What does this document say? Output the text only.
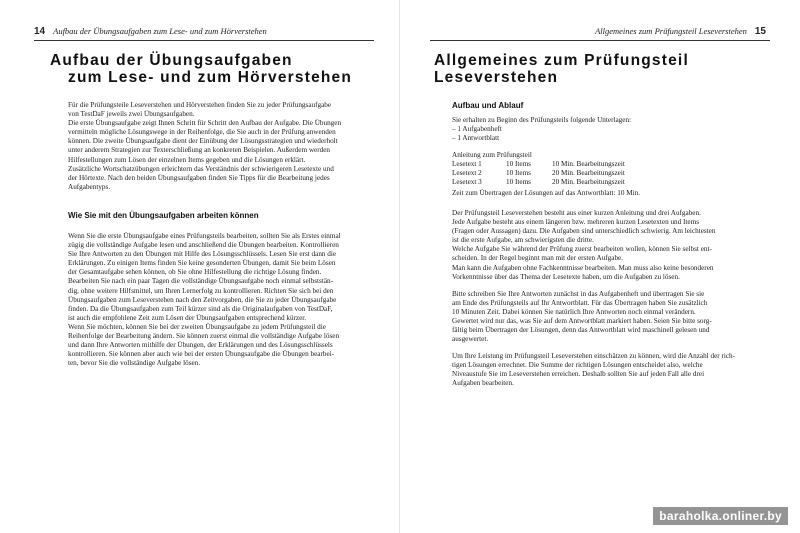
14 Aufbau der Übungsaufgaben zum Lese- und zum Hörverstehen
Aufbau der Übungsaufgaben
zum Lese- und zum Hörverstehen

Für die Prüfungsteile Leseverstehen und Hörverstehen finden Sie zu jeder Prüfungsaufgabe

von TestDaF jeweils zwei Übungsaufgaben.

Die erste Übungsaufgabe zeigt Ihnen Schritt für Schritt den Aufbau der Aufgabe. Die Übungen

vermitteln mögliche Lösungswege in der Reihenfolge, die Sie auch in der Prüfung anwenden

können. Die zweite Übungsaufgabe dient der Einübung der Lösungsstrategien und wiederholt

unter anderem Strategien zur Texterschließung an konkreten Beispielen. Außerdem werden

Hilfestellungen zum Lösen der einzelnen Items gegeben und die Lösungen erklärt.

Zusätzliche Wortschatzübungen erleichtern das Verständnis der schwierigeren Lesetexte und

der Hörtexte. Nach den beiden Übungsaufgaben finden Sie Tipps für die Bearbeitung jedes

Aufgabentyps.

Wie Sie mit den Übungsaufgaben arbeiten können

Wenn Sie die erste Übungsaufgabe eines Prüfungsteils bearbeiten, sollten Sie als Erstes einmal

zügig die vollständige Aufgabe lesen und anschließend die Übungen bearbeiten. Kontrollieren

Sie Ihre Antworten zu den Übungen mit Hilfe des Lösungsschlüssels. Lesen Sie erst dann die

Erklärungen. Zu einigen Items finden Sie keine gesonderten Übungen, damit Sie beim Lösen

der Gesamtaufgabe sehen können, ob Sie ohne Hilfestellung die richtige Lösung finden.

Bearbeiten Sie nach ein paar Tagen die vollständige Übungsaufgabe noch einmal selbststän-

dig, ohne weitere Hilfsmittel, um Ihren Lernerfolg zu kontrollieren. Richten Sie sich bei den

Übungsaufgaben zum Leseverstehen nach den Zeitvorgaben, die Sie zu jeder Übungsaufgabe

finden. Da die Übungsaufgaben zum Teil kürzer sind als die Originalaufgaben von TestDaF,

ist auch die empfohlene Zeit zum Lösen der Übungsaufgaben entsprechend kürzer.

Wenn Sie möchten, können Sie bei der zweiten Übungsaufgabe zu jedem Prüfungsteil die

Reihenfolge der Bearbeitung ändern. Sie können zuerst einmal die vollständige Aufgabe lösen

und dann Ihre Antworten mithilfe der Übungen, der Erklärungen und des Lösungsschlüssels

kontrollieren. Sie können aber auch wie bei der ersten Übungsaufgabe die Übungen bearbei-

ten, bevor Sie die vollständige Aufgabe lösen.

Allgemeines zum Prüfungsteil Leseverstehen 15
Allgemeines zum Prüfungsteil
Leseverstehen
Aufbau und Ablauf

Sie erhalten zu Beginn des Prüfungsteils folgende Unterlagen:

– 1 Aufgabenheft

– 1 Antwortblatt

Anleitung zum Prüfungsteil
Lesetext 1	10 Items	10 Min. Bearbeitungszeit
Lesetext 2	10 Items	20 Min. Bearbeitungszeit
Lesetext 3	10 Items	20 Min. Bearbeitungszeit
Zeit zum Übertragen der Lösungen auf das Antwortblatt: 10 Min.

Der Prüfungsteil Leseverstehen besteht aus einer kurzen Anleitung und drei Aufgaben.

Jede Aufgabe besteht aus einem längeren bzw. mehreren kurzen Lesetexten und Items

(Fragen oder Aussagen) dazu. Die Aufgaben sind unterschiedlich schwierig. Am leichtesten

ist die erste Aufgabe, am schwierigsten die dritte.

Welche Aufgabe Sie während der Prüfung zuerst bearbeiten wollen, können Sie selbst ent-

scheiden. In der Regel beginnt man mit der ersten Aufgabe.

Man kann die Aufgaben ohne Fachkenntnisse bearbeiten. Man muss also keine besonderen

Vorkenntnisse über das Thema der Lesetexte haben, um die Aufgaben zu lösen.

Bitte schreiben Sie Ihre Antworten zunächst in das Aufgabenheft und übertragen Sie sie

am Ende des Prüfungsteils auf Ihr Antwortblatt. Für das Übertragen haben Sie zusätzlich

10 Minuten Zeit. Dabei können Sie natürlich Ihre Antworten noch einmal verändern.

Gewertet wird nur das, was Sie auf dem Antwortblatt markiert haben. Seien Sie bitte sorg-

fältig beim Übertragen der Lösungen, denn das Antwortblatt wird maschinell gelesen und

ausgewertet.

Um Ihre Leistung im Prüfungsteil Leseverstehen einschätzen zu können, wird die Anzahl der rich-

tigen Lösungen errechnet. Die Summe der richtigen Lösungen entscheidet also, welche

Niveaustufe Sie im Leseverstehen erreichen. Deshalb sollten Sie auf jeden Fall alle drei

Aufgaben bearbeiten.

baraholka.onliner.by
